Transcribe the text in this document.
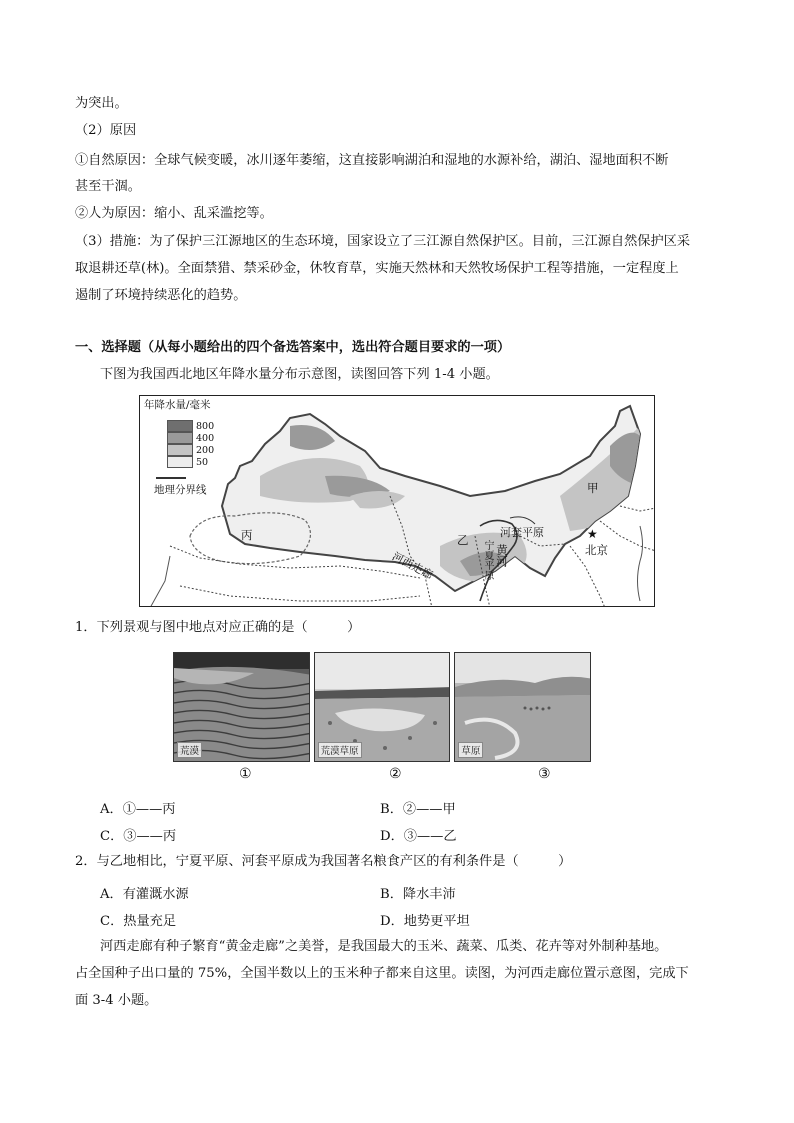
为突出。

（2）原因

①自然原因：全球气候变暖，冰川逐年萎缩，这直接影响湖泊和湿地的水源补给，湖泊、湿地面积不断

甚至干涸。

②人为原因：缩小、乱采滥挖等。

（3）措施：为了保护三江源地区的生态环境，国家设立了三江源自然保护区。目前，三江源自然保护区采

取退耕还草(林)。全面禁猎、禁采砂金，休牧育草，实施天然林和天然牧场保护工程等措施，一定程度上

遏制了环境持续恶化的趋势。

一、选择题（从每小题给出的四个备选答案中，选出符合题目要求的一项）

下图为我国西北地区年降水量分布示意图，读图回答下列 1-4 小题。

年降水量/毫米
800
400
200
50
地理分界线	甲
乙
丙	河套平原
宁夏平原 黄河
河西走廊
★
北京

1．下列景观与图中地点对应正确的是（　　　）

荒漠	荒漠草原	草原
①	②	③
A．①——丙	B．②——甲
C．③——丙	D．③——乙

2．与乙地相比，宁夏平原、河套平原成为我国著名粮食产区的有利条件是（　　　）

A．有灌溉水源	B．降水丰沛
C．热量充足	D．地势更平坦

河西走廊有种子繁育“黄金走廊”之美誉，是我国最大的玉米、蔬菜、瓜类、花卉等对外制种基地。

占全国种子出口量的 75%，全国半数以上的玉米种子都来自这里。读图，为河西走廊位置示意图，完成下

面 3-4 小题。
